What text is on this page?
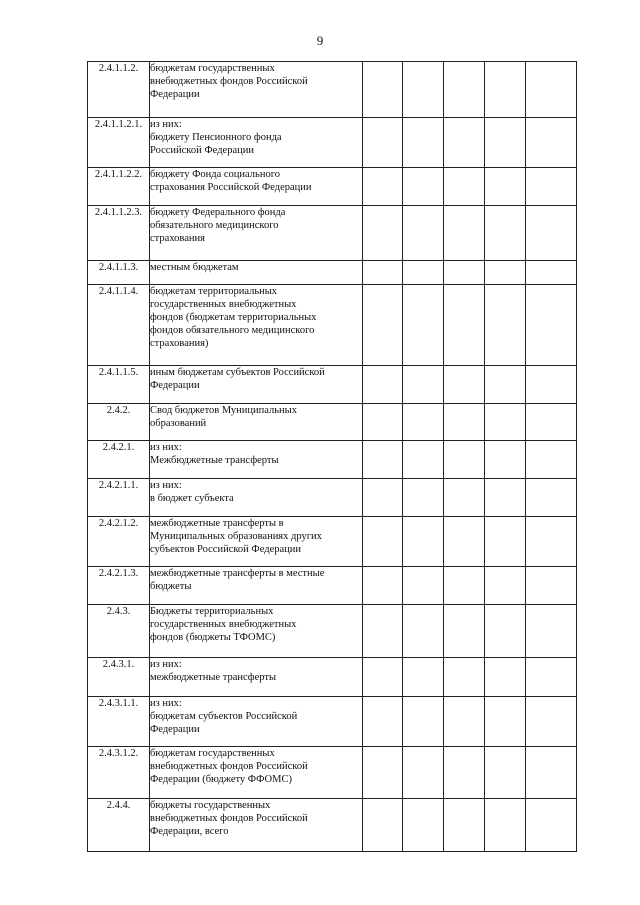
9
2.4.1.1.2.	бюджетам государственных
внебюджетных фондов Российской
Федерации					

2.4.1.1.2.1.	из них:
бюджету Пенсионного фонда
Российской Федерации					

2.4.1.1.2.2.	бюджету Фонда социального
страхования Российской Федерации					

2.4.1.1.2.3.	бюджету Федерального фонда
обязательного медицинского
страхования					

2.4.1.1.3.	местным бюджетам					

2.4.1.1.4.	бюджетам территориальных
государственных внебюджетных
фондов (бюджетам территориальных
фондов обязательного медицинского
страхования)					

2.4.1.1.5.	иным бюджетам субъектов Российской
Федерации					

2.4.2.	Свод бюджетов Муниципальных
образований					

2.4.2.1.	из них:
Межбюджетные трансферты					

2.4.2.1.1.	из них:
в бюджет субъекта					

2.4.2.1.2.	межбюджетные трансферты в
Муниципальных образованиях других
субъектов Российской Федерации					

2.4.2.1.3.	межбюджетные трансферты в местные
бюджеты					

2.4.3.	Бюджеты территориальных
государственных внебюджетных
фондов (бюджеты ТФОМС)					

2.4.3.1.	из них:
межбюджетные трансферты					

2.4.3.1.1.	из них:
бюджетам субъектов Российской
Федерации					

2.4.3.1.2.	бюджетам государственных
внебюджетных фондов Российской
Федерации (бюджету ФФОМС)					

2.4.4.	бюджеты государственных
внебюджетных фондов Российской
Федерации, всего					
